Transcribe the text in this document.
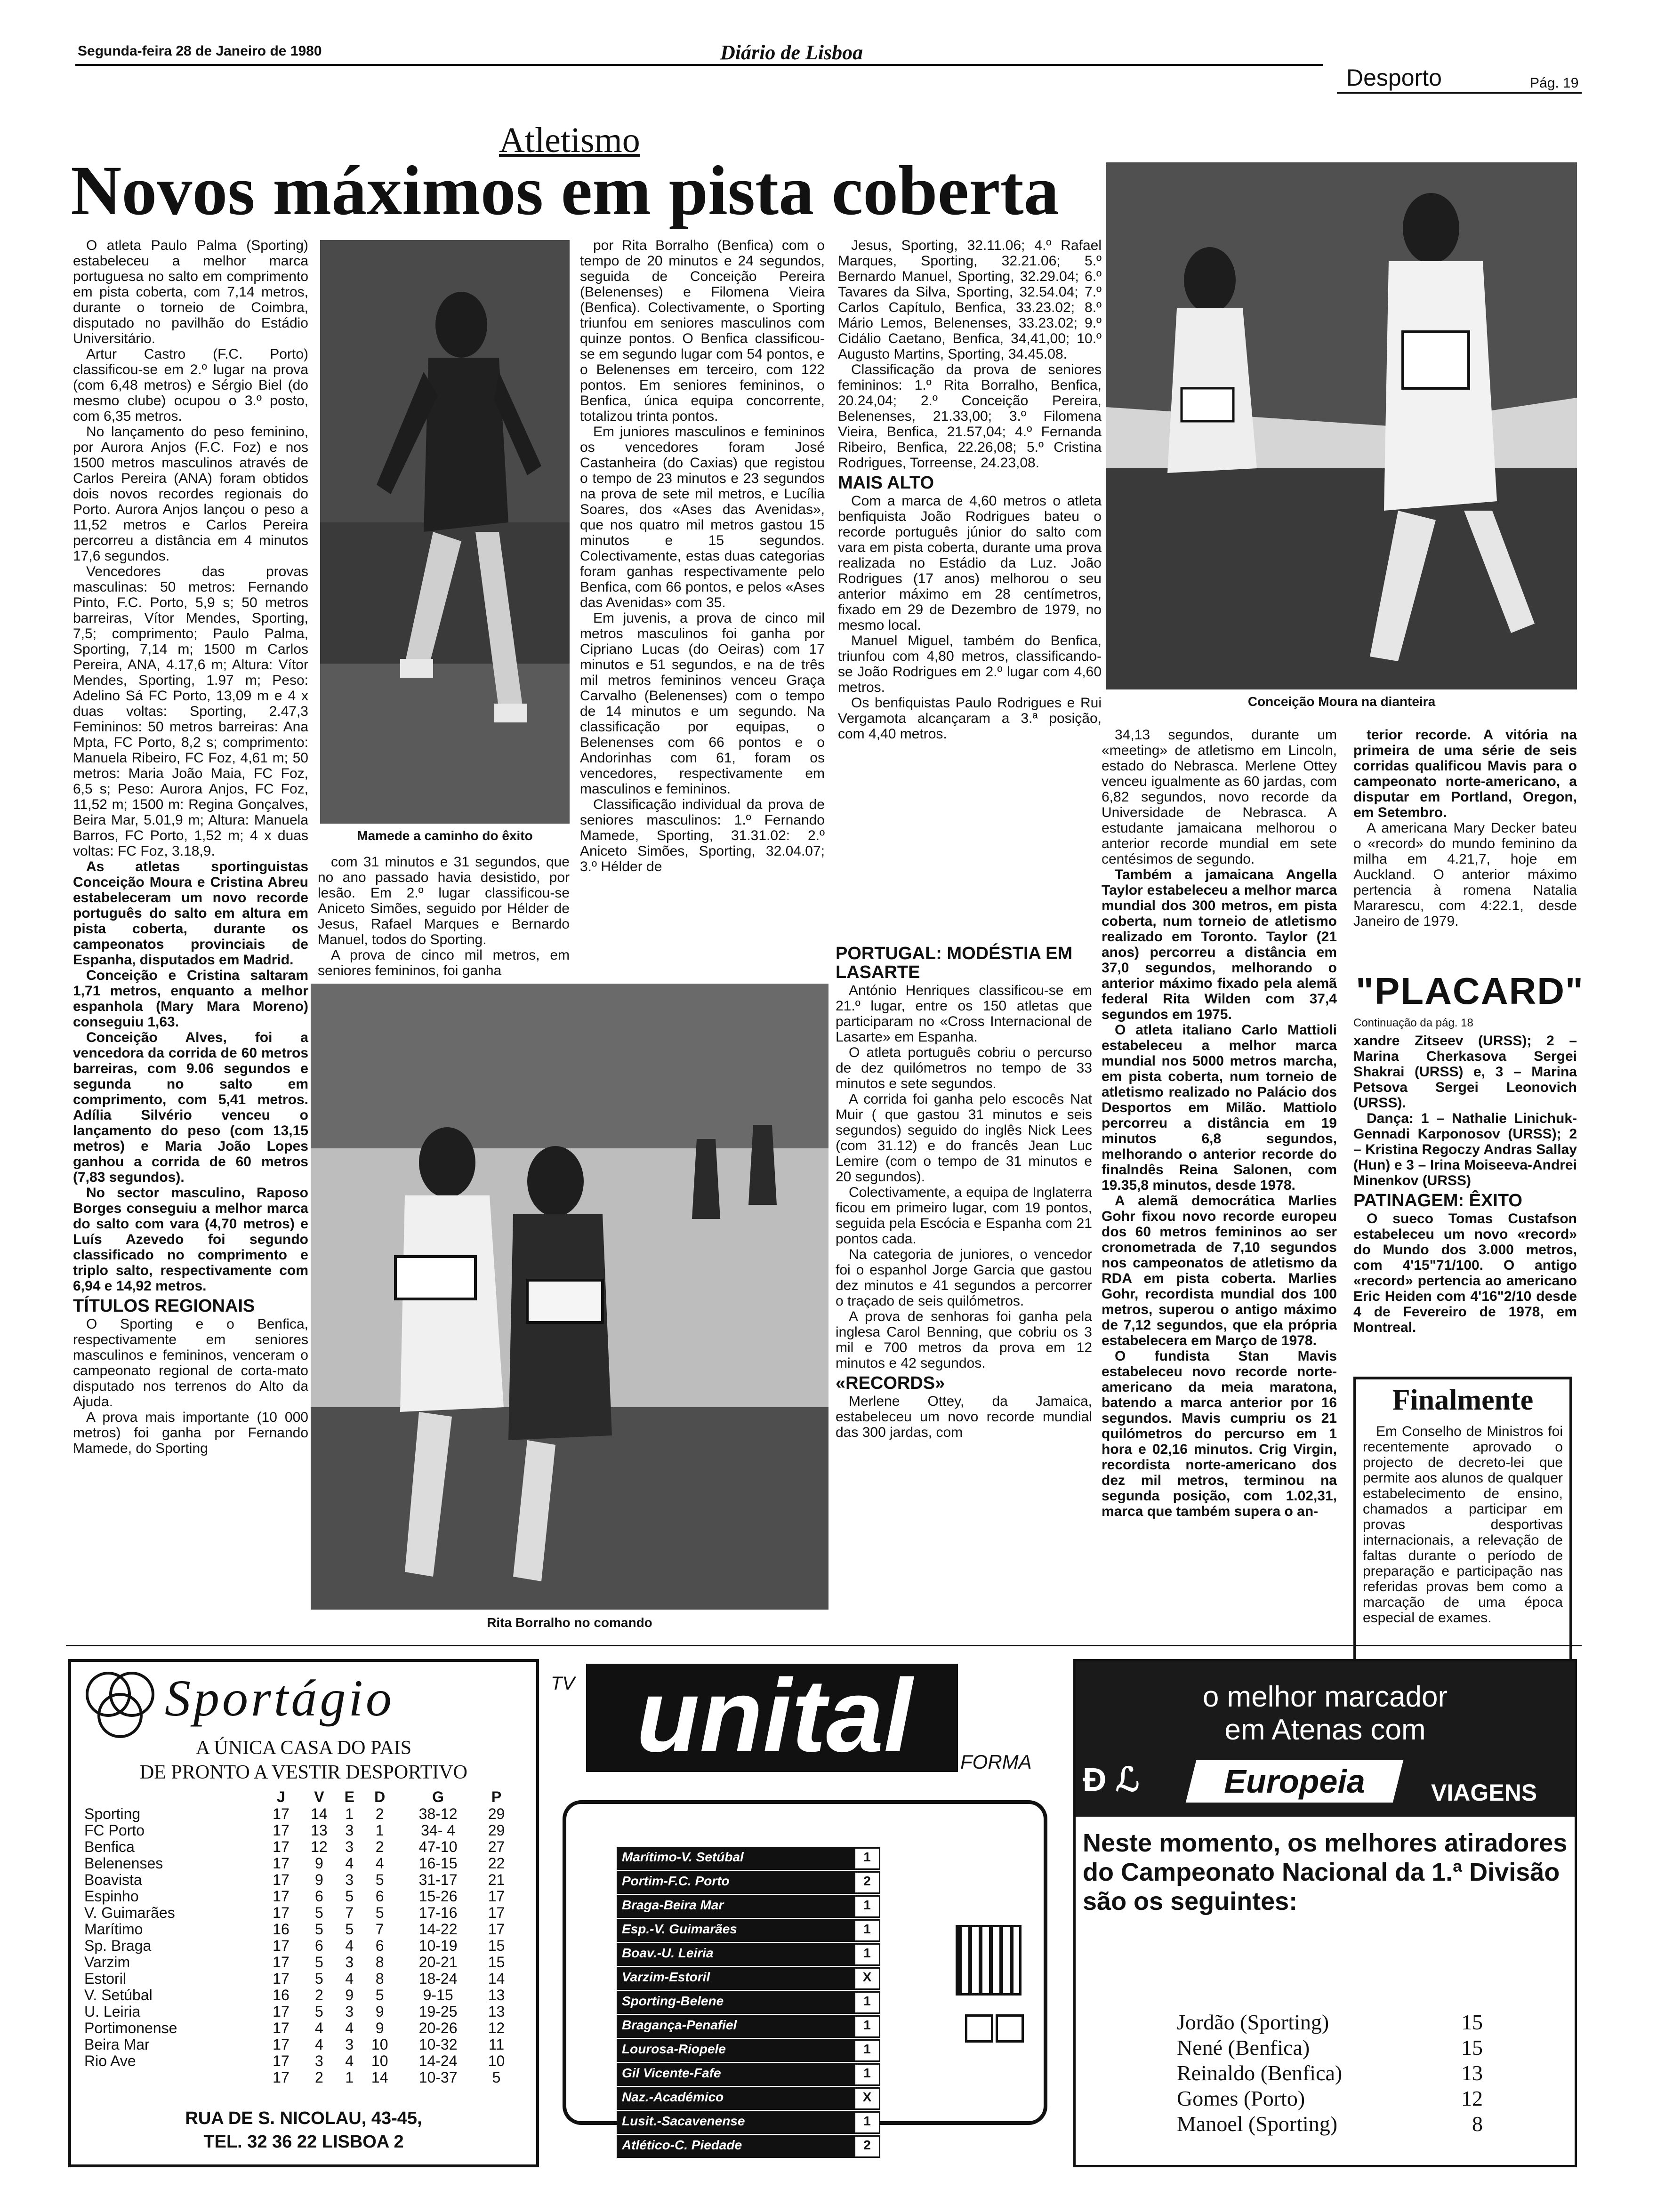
Segunda-feira 28 de Janeiro de 1980	Diário de Lisboa
Desporto	Pág. 19
Atletismo
Novos máximos em pista coberta

O atleta Paulo Palma (Sporting) estabeleceu a melhor marca portuguesa no salto em comprimento em pista coberta, com 7,14 metros, durante o torneio de Coimbra, disputado no pavilhão do Estádio Universitário.

Artur Castro (F.C. Porto) classificou-se em 2.º lugar na prova (com 6,48 metros) e Sérgio Biel (do mesmo clube) ocupou o 3.º posto, com 6,35 metros.

No lançamento do peso feminino, por Aurora Anjos (F.C. Foz) e nos 1500 metros masculinos através de Carlos Pereira (ANA) foram obtidos dois novos recordes regionais do Porto. Aurora Anjos lançou o peso a 11,52 metros e Carlos Pereira percorreu a distância em 4 minutos 17,6 segundos.

Vencedores das provas masculinas: 50 metros: Fernando Pinto, F.C. Porto, 5,9 s; 50 metros barreiras, Vítor Mendes, Sporting, 7,5; comprimento; Paulo Palma, Sporting, 7,14 m; 1500 m Carlos Pereira, ANA, 4.17,6 m; Altura: Vítor Mendes, Sporting, 1.97 m; Peso: Adelino Sá FC Porto, 13,09 m e 4 x duas voltas: Sporting, 2.47,3 Femininos: 50 metros barreiras: Ana Mpta, FC Porto, 8,2 s; comprimento: Manuela Ribeiro, FC Foz, 4,61 m; 50 metros: Maria João Maia, FC Foz, 6,5 s; Peso: Aurora Anjos, FC Foz, 11,52 m; 1500 m: Regina Gonçalves, Beira Mar, 5.01,9 m; Altura: Manuela Barros, FC Porto, 1,52 m; 4 x duas voltas: FC Foz, 3.18,9.

As atletas sportinguistas Conceição Moura e Cristina Abreu estabeleceram um novo recorde português do salto em altura em pista coberta, durante os campeonatos provinciais de Espanha, disputados em Madrid.

Conceição e Cristina saltaram 1,71 metros, enquanto a melhor espanhola (Mary Mara Moreno) conseguiu 1,63.

Conceição Alves, foi a vencedora da corrida de 60 metros barreiras, com 9.06 segundos e segunda no salto em comprimento, com 5,41 metros. Adília Silvério venceu o lançamento do peso (com 13,15 metros) e Maria João Lopes ganhou a corrida de 60 metros (7,83 segundos).

No sector masculino, Raposo Borges conseguiu a melhor marca do salto com vara (4,70 metros) e Luís Azevedo foi segundo classificado no comprimento e triplo salto, respectivamente com 6,94 e 14,92 metros.

TÍTULOS REGIONAIS

O Sporting e o Benfica, respectivamente em seniores masculinos e femininos, venceram o campeonato regional de corta-mato disputado nos terrenos do Alto da Ajuda.

A prova mais importante (10 000 metros) foi ganha por Fernando Mamede, do Sporting

Mamede a caminho do êxito

com 31 minutos e 31 segundos, que no ano passado havia desistido, por lesão. Em 2.º lugar classificou-se Aniceto Simões, seguido por Hélder de Jesus, Rafael Marques e Bernardo Manuel, todos do Sporting.

A prova de cinco mil metros, em seniores femininos, foi ganha

por Rita Borralho (Benfica) com o tempo de 20 minutos e 24 segundos, seguida de Conceição Pereira (Belenenses) e Filomena Vieira (Benfica). Colectivamente, o Sporting triunfou em seniores masculinos com quinze pontos. O Benfica classificou-se em segundo lugar com 54 pontos, e o Belenenses em terceiro, com 122 pontos. Em seniores femininos, o Benfica, única equipa concorrente, totalizou trinta pontos.

Em juniores masculinos e femininos os vencedores foram José Castanheira (do Caxias) que registou o tempo de 23 minutos e 23 segundos na prova de sete mil metros, e Lucília Soares, dos «Ases das Avenidas», que nos quatro mil metros gastou 15 minutos e 15 segundos. Colectivamente, estas duas categorias foram ganhas respectivamente pelo Benfica, com 66 pontos, e pelos «Ases das Avenidas» com 35.

Em juvenis, a prova de cinco mil metros masculinos foi ganha por Cipriano Lucas (do Oeiras) com 17 minutos e 51 segundos, e na de três mil metros femininos venceu Graça Carvalho (Belenenses) com o tempo de 14 minutos e um segundo. Na classificação por equipas, o Belenenses com 66 pontos e o Andorinhas com 61, foram os vencedores, respectivamente em masculinos e femininos.

Classificação individual da prova de seniores masculinos: 1.º Fernando Mamede, Sporting, 31.31.02: 2.º Aniceto Simões, Sporting, 32.04.07; 3.º Hélder de

Jesus, Sporting, 32.11.06; 4.º Rafael Marques, Sporting, 32.21.06; 5.º Bernardo Manuel, Sporting, 32.29.04; 6.º Tavares da Silva, Sporting, 32.54.04; 7.º Carlos Capítulo, Benfica, 33.23.02; 8.º Mário Lemos, Belenenses, 33.23.02; 9.º Cidálio Caetano, Benfica, 34,41,00; 10.º Augusto Martins, Sporting, 34.45.08.

Classificação da prova de seniores femininos: 1.º Rita Borralho, Benfica, 20.24,04; 2.º Conceição Pereira, Belenenses, 21.33,00; 3.º Filomena Vieira, Benfica, 21.57,04; 4.º Fernanda Ribeiro, Benfica, 22.26,08; 5.º Cristina Rodrigues, Torreense, 24.23,08.

MAIS ALTO

Com a marca de 4,60 metros o atleta benfiquista João Rodrigues bateu o recorde português júnior do salto com vara em pista coberta, durante uma prova realizada no Estádio da Luz. João Rodrigues (17 anos) melhorou o seu anterior máximo em 28 centímetros, fixado em 29 de Dezembro de 1979, no mesmo local.

Manuel Miguel, também do Benfica, triunfou com 4,80 metros, classificando-se João Rodrigues em 2.º lugar com 4,60 metros.

Os benfiquistas Paulo Rodrigues e Rui Vergamota alcançaram a 3.ª posição, com 4,40 metros.

Conceição Moura na dianteira
Rita Borralho no comando
PORTUGAL: MODÉSTIA EM LASARTE

António Henriques classificou-se em 21.º lugar, entre os 150 atletas que participaram no «Cross Internacional de Lasarte» em Espanha.

O atleta português cobriu o percurso de dez quilómetros no tempo de 33 minutos e sete segundos.

A corrida foi ganha pelo escocês Nat Muir ( que gastou 31 minutos e seis segundos) seguido do inglês Nick Lees (com 31.12) e do francês Jean Luc Lemire (com o tempo de 31 minutos e 20 segundos).

Colectivamente, a equipa de Inglaterra ficou em primeiro lugar, com 19 pontos, seguida pela Escócia e Espanha com 21 pontos cada.

Na categoria de juniores, o vencedor foi o espanhol Jorge Garcia que gastou dez minutos e 41 segundos a percorrer o traçado de seis quilómetros.

A prova de senhoras foi ganha pela inglesa Carol Benning, que cobriu os 3 mil e 700 metros da prova em 12 minutos e 42 segundos.

«RECORDS»

Merlene Ottey, da Jamaica, estabeleceu um novo recorde mundial das 300 jardas, com

34,13 segundos, durante um «meeting» de atletismo em Lincoln, estado do Nebrasca. Merlene Ottey venceu igualmente as 60 jardas, com 6,82 segundos, novo recorde da Universidade de Nebrasca. A estudante jamaicana melhorou o anterior recorde mundial em sete centésimos de segundo.

Também a jamaicana Angella Taylor estabeleceu a melhor marca mundial dos 300 metros, em pista coberta, num torneio de atletismo realizado em Toronto. Taylor (21 anos) percorreu a distância em 37,0 segundos, melhorando o anterior máximo fixado pela alemã federal Rita Wilden com 37,4 segundos em 1975.

O atleta italiano Carlo Mattioli estabeleceu a melhor marca mundial nos 5000 metros marcha, em pista coberta, num torneio de atletismo realizado no Palácio dos Desportos em Milão. Mattiolo percorreu a distância em 19 minutos 6,8 segundos, melhorando o anterior recorde do finalndês Reina Salonen, com 19.35,8 minutos, desde 1978.

A alemã democrática Marlies Gohr fixou novo recorde europeu dos 60 metros femininos ao ser cronometrada de 7,10 segundos nos campeonatos de atletismo da RDA em pista coberta. Marlies Gohr, recordista mundial dos 100 metros, superou o antigo máximo de 7,12 segundos, que ela própria estabelecera em Março de 1978.

O fundista Stan Mavis estabeleceu novo recorde norte-americano da meia maratona, batendo a marca anterior por 16 segundos. Mavis cumpriu os 21 quilómetros do percurso em 1 hora e 02,16 minutos. Crig Virgin, recordista norte-americano dos dez mil metros, terminou na segunda posição, com 1.02,31, marca que também supera o an-

terior recorde. A vitória na primeira de uma série de seis corridas qualificou Mavis para o campeonato norte-americano, a disputar em Portland, Oregon, em Setembro.

A americana Mary Decker bateu o «record» do mundo feminino da milha em 4.21,7, hoje em Auckland. O anterior máximo pertencia à romena Natalia Mararescu, com 4:22.1, desde Janeiro de 1979.

"PLACARD"
Continuação da pág. 18

xandre Zitseev (URSS); 2 – Marina Cherkasova Sergei Shakrai (URSS) e, 3 – Marina Petsova Sergei Leonovich (URSS).

Dança: 1 – Nathalie Linichuk-Gennadi Karponosov (URSS); 2 – Kristina Regoczy Andras Sallay (Hun) e 3 – Irina Moiseeva-Andrei Minenkov (URSS)

PATINAGEM: ÊXITO

O sueco Tomas Custafson estabeleceu um novo «record» do Mundo dos 3.000 metros, com 4'15"71/100. O antigo «record» pertencia ao americano Eric Heiden com 4'16"2/10 desde 4 de Fevereiro de 1978, em Montreal.

Finalmente

Em Conselho de Ministros foi recentemente aprovado o projecto de decreto-lei que permite aos alunos de qualquer estabelecimento de ensino, chamados a participar em provas desportivas internacionais, a relevação de faltas durante o período de preparação e participação nas referidas provas bem como a marcação de uma época especial de exames.

Sportágio
A ÚNICA CASA DO PAIS
DE PRONTO A VESTIR DESPORTIVO
	J	V	E	D	G	P
Sporting	17	14	1	2	38-12	29
FC Porto	17	13	3	1	34- 4	29
Benfica	17	12	3	2	47-10	27
Belenenses	17	9	4	4	16-15	22
Boavista	17	9	3	5	31-17	21
Espinho	17	6	5	6	15-26	17
V. Guimarães	17	5	7	5	17-16	17
Marítimo	16	5	5	7	14-22	17
Sp. Braga	17	6	4	6	10-19	15
Varzim	17	5	3	8	20-21	15
Estoril	17	5	4	8	18-24	14
V. Setúbal	16	2	9	5	9-15	13
U. Leiria	17	5	3	9	19-25	13
Portimonense	17	4	4	9	20-26	12
Beira Mar	17	4	3	10	10-32	11
Rio Ave	17	3	4	10	14-24	10
	17	2	1	14	10-37	5
RUA DE S. NICOLAU, 43-45,
TEL. 32 36 22 LISBOA 2
TV unital	FORMA
Marítimo-V. Setúbal	1
Portim-F.C. Porto	2
Braga-Beira Mar	1
Esp.-V. Guimarães	1
Boav.-U. Leiria	1
Varzim-Estoril	X
Sporting-Belene	1
Bragança-Penafiel	1
Lourosa-Riopele	1
Gil Vicente-Fafe	1
Naz.-Académico	X
Lusit.-Sacavenense	1
Atlético-C. Piedade	2
o melhor marcador
em Atenas com
Ð ℒ	Europeia	VIAGENS
Neste momento, os melhores atiradores do Campeonato Nacional da 1.ª Divisão são os seguintes:
Jordão (Sporting)	15
Nené (Benfica)	15
Reinaldo (Benfica)	13
Gomes (Porto)	12
Manoel (Sporting)	8
